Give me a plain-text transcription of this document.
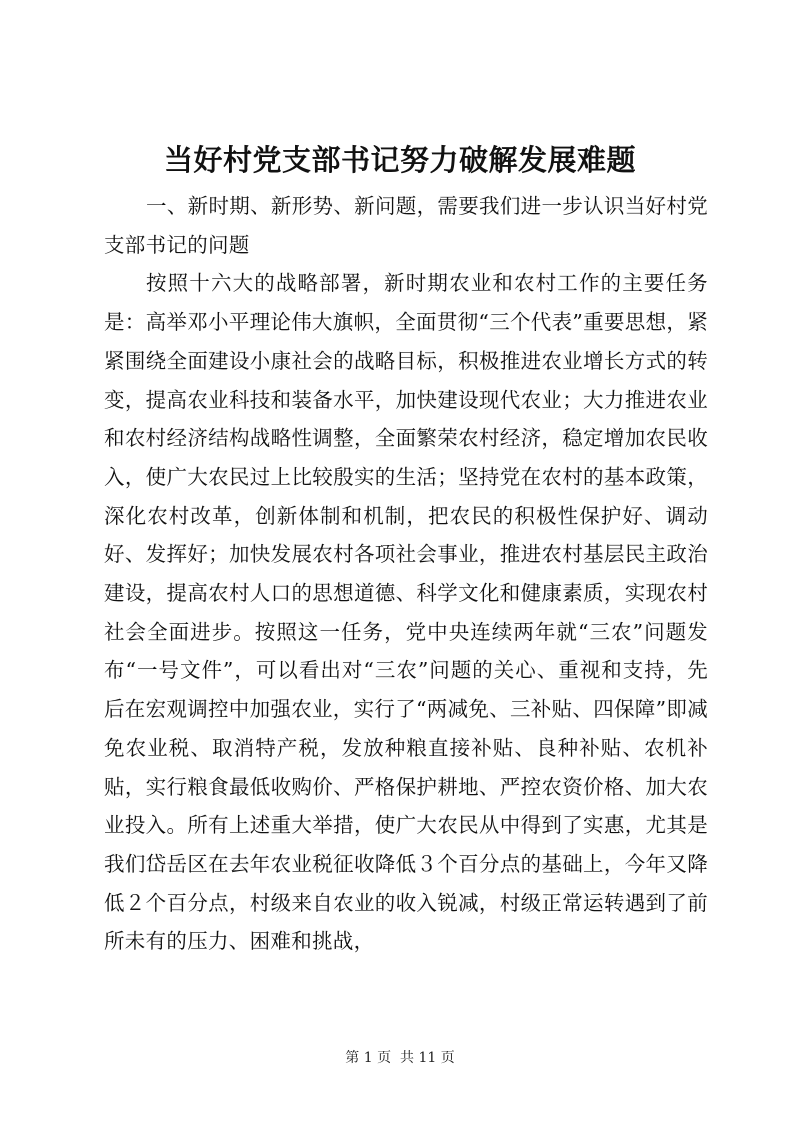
当好村党支部书记努力破解发展难题

一、新时期、新形势、新问题，需要我们进一步认识当好村党支部书记的问题

按照十六大的战略部署，新时期农业和农村工作的主要任务是：高举邓小平理论伟大旗帜，全面贯彻“三个代表”重要思想，紧紧围绕全面建设小康社会的战略目标，积极推进农业增长方式的转变，提高农业科技和装备水平，加快建设现代农业；大力推进农业和农村经济结构战略性调整，全面繁荣农村经济，稳定增加农民收入，使广大农民过上比较殷实的生活；坚持党在农村的基本政策，深化农村改革，创新体制和机制，把农民的积极性保护好、调动好、发挥好；加快发展农村各项社会事业，推进农村基层民主政治建设，提高农村人口的思想道德、科学文化和健康素质，实现农村社会全面进步。按照这一任务，党中央连续两年就“三农”问题发布“一号文件”，可以看出对“三农”问题的关心、重视和支持，先后在宏观调控中加强农业，实行了“两减免、三补贴、四保障”即减免农业税、取消特产税，发放种粮直接补贴、良种补贴、农机补贴，实行粮食最低收购价、严格保护耕地、严控农资价格、加大农业投入。所有上述重大举措，使广大农民从中得到了实惠，尤其是我们岱岳区在去年农业税征收降低３个百分点的基础上，今年又降低２个百分点，村级来自农业的收入锐减，村级正常运转遇到了前所未有的压力、困难和挑战，

第 1 页  共 11 页
